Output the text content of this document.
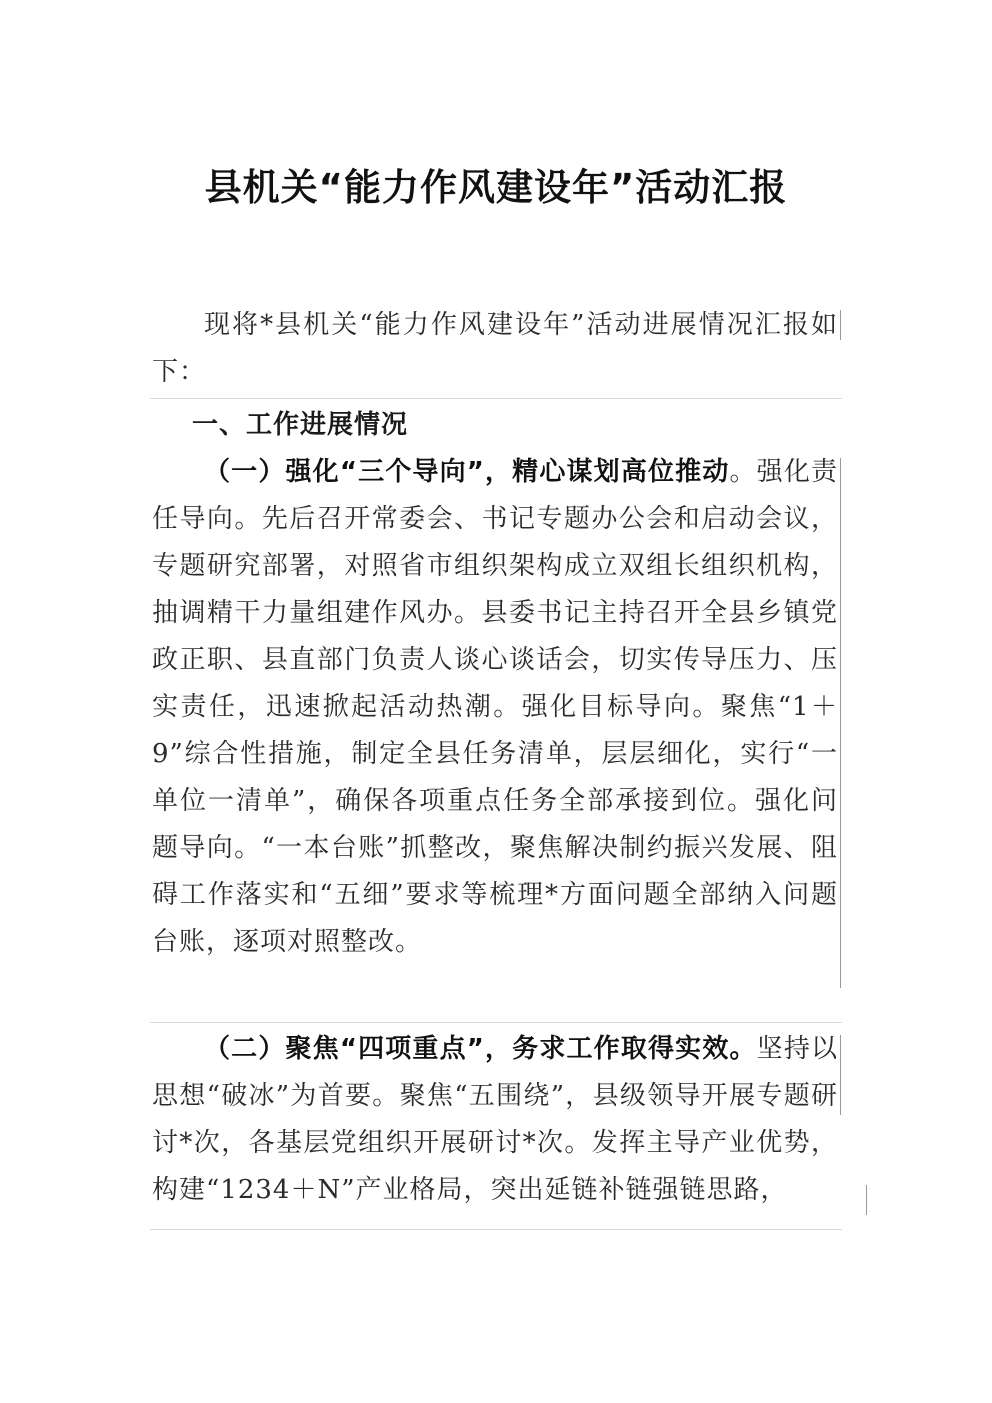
县机关“能力作风建设年”活动汇报
现将*县机关“能力作风建设年”活动进展情况汇报如下：
一、工作进展情况
（一）强化“三个导向”，精心谋划高位推动。强化责任导向。先后召开常委会、书记专题办公会和启动会议，专题研究部署，对照省市组织架构成立双组长组织机构，抽调精干力量组建作风办。县委书记主持召开全县乡镇党政正职、县直部门负责人谈心谈话会，切实传导压力、压实责任，迅速掀起活动热潮。强化目标导向。聚焦“1＋9”综合性措施，制定全县任务清单，层层细化，实行“一单位一清单”，确保各项重点任务全部承接到位。强化问题导向。“一本台账”抓整改，聚焦解决制约振兴发展、阻碍工作落实和“五细”要求等梳理*方面问题全部纳入问题台账，逐项对照整改。
（二）聚焦“四项重点”，务求工作取得实效。坚持以思想“破冰”为首要。聚焦“五围绕”，县级领导开展专题研讨*次，各基层党组织开展研讨*次。发挥主导产业优势，构建“1234＋N”产业格局，突出延链补链强链思路，
